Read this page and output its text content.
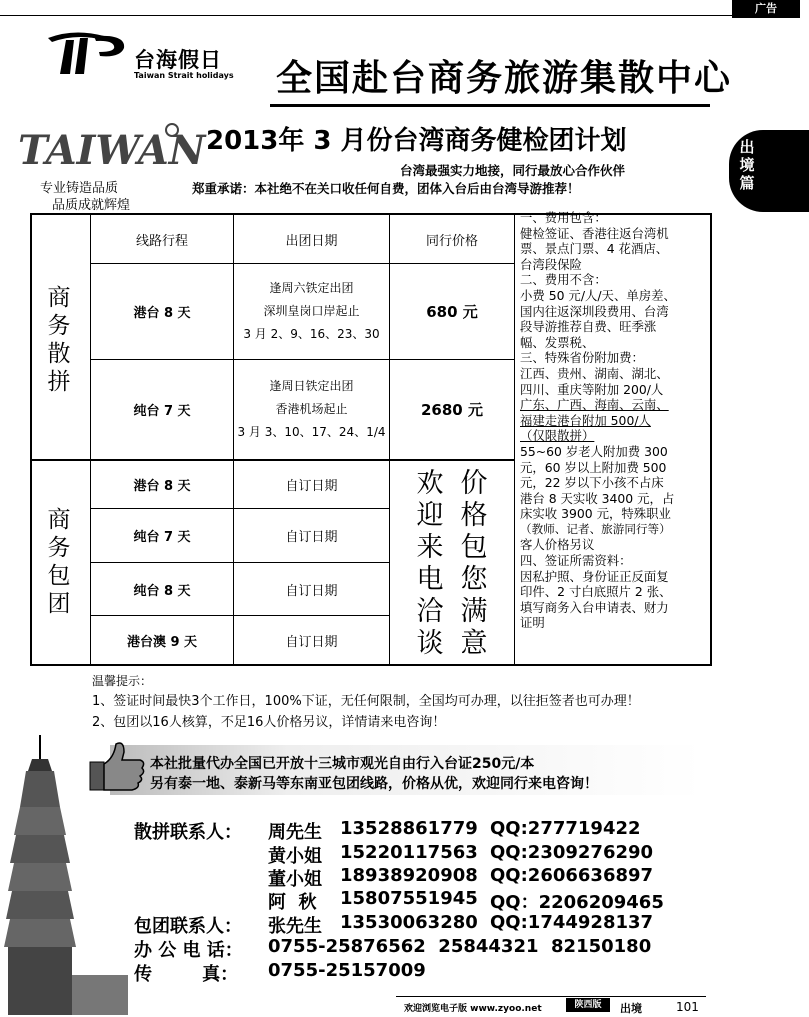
广告
台海假日
Taiwan Strait holidays 全国赴台商务旅游集散中心
TAIWAN
专业铸造品质
品质成就辉煌
2013年 3 月份台湾商务健检团计划
台湾最强实力地接，同行最放心合作伙伴
郑重承诺：本社绝不在关口收任何自费，团体入台后由台湾导游推荐！
出境篇
线路行程	出团日期	同行价格
商务散拼
商务包团
港台 8 天
逢周六铁定出团
深圳皇岗口岸起止
3 月 2、9、16、23、30
680 元
纯台 7 天
逢周日铁定出团
香港机场起止
3 月 3、10、17、24、1/4
2680 元
港台 8 天	自订日期
纯台 7 天	自订日期
纯台 8 天	自订日期
港台澳 9 天	自订日期
欢迎来电洽谈
价格包您满意
一、费用包含：
健检签证、香港往返台湾机
票、景点门票、4 花酒店、
台湾段保险
二、费用不含：
小费 50 元/人/天、单房差、
国内往返深圳段费用、台湾
段导游推荐自费、旺季涨
幅、发票税、
三、特殊省份附加费：
江西、贵州、湖南、湖北、
四川、重庆等附加 200/人
广东、广西、海南、云南、
福建走港台附加 500/人
（仅限散拼）
55~60 岁老人附加费 300
元，60 岁以上附加费 500
元，22 岁以下小孩不占床
港台 8 天实收 3400 元，占
床实收 3900 元，特殊职业
（教师、记者、旅游同行等）
客人价格另议
四、签证所需资料：
因私护照、身份证正反面复
印件、2 寸白底照片 2 张、
填写商务入台申请表、财力
证明
温馨提示：
1、签证时间最快3个工作日，100%下证，无任何限制，全国均可办理，以往拒签者也可办理！
2、包团以16人核算，不足16人价格另议，详情请来电咨询！
本社批量代办全国已开放十三城市观光自由行入台证250元/本
另有泰一地、泰新马等东南亚包团线路，价格从优，欢迎同行来电咨询！
散拼联系人： 周先生 13528861779 QQ:277719422
黄小姐 15220117563 QQ:2309276290
董小姐 18938920908 QQ:2606636897
阿  秋 15807551945 QQ：2206209465
包团联系人： 张先生 13530063280 QQ:1744928137
办 公 电 话： 0755-25876562  25844321  82150180
传        真： 0755-25157009
欢迎浏览电子版 www.zyoo.net	陕西版	出境	101
